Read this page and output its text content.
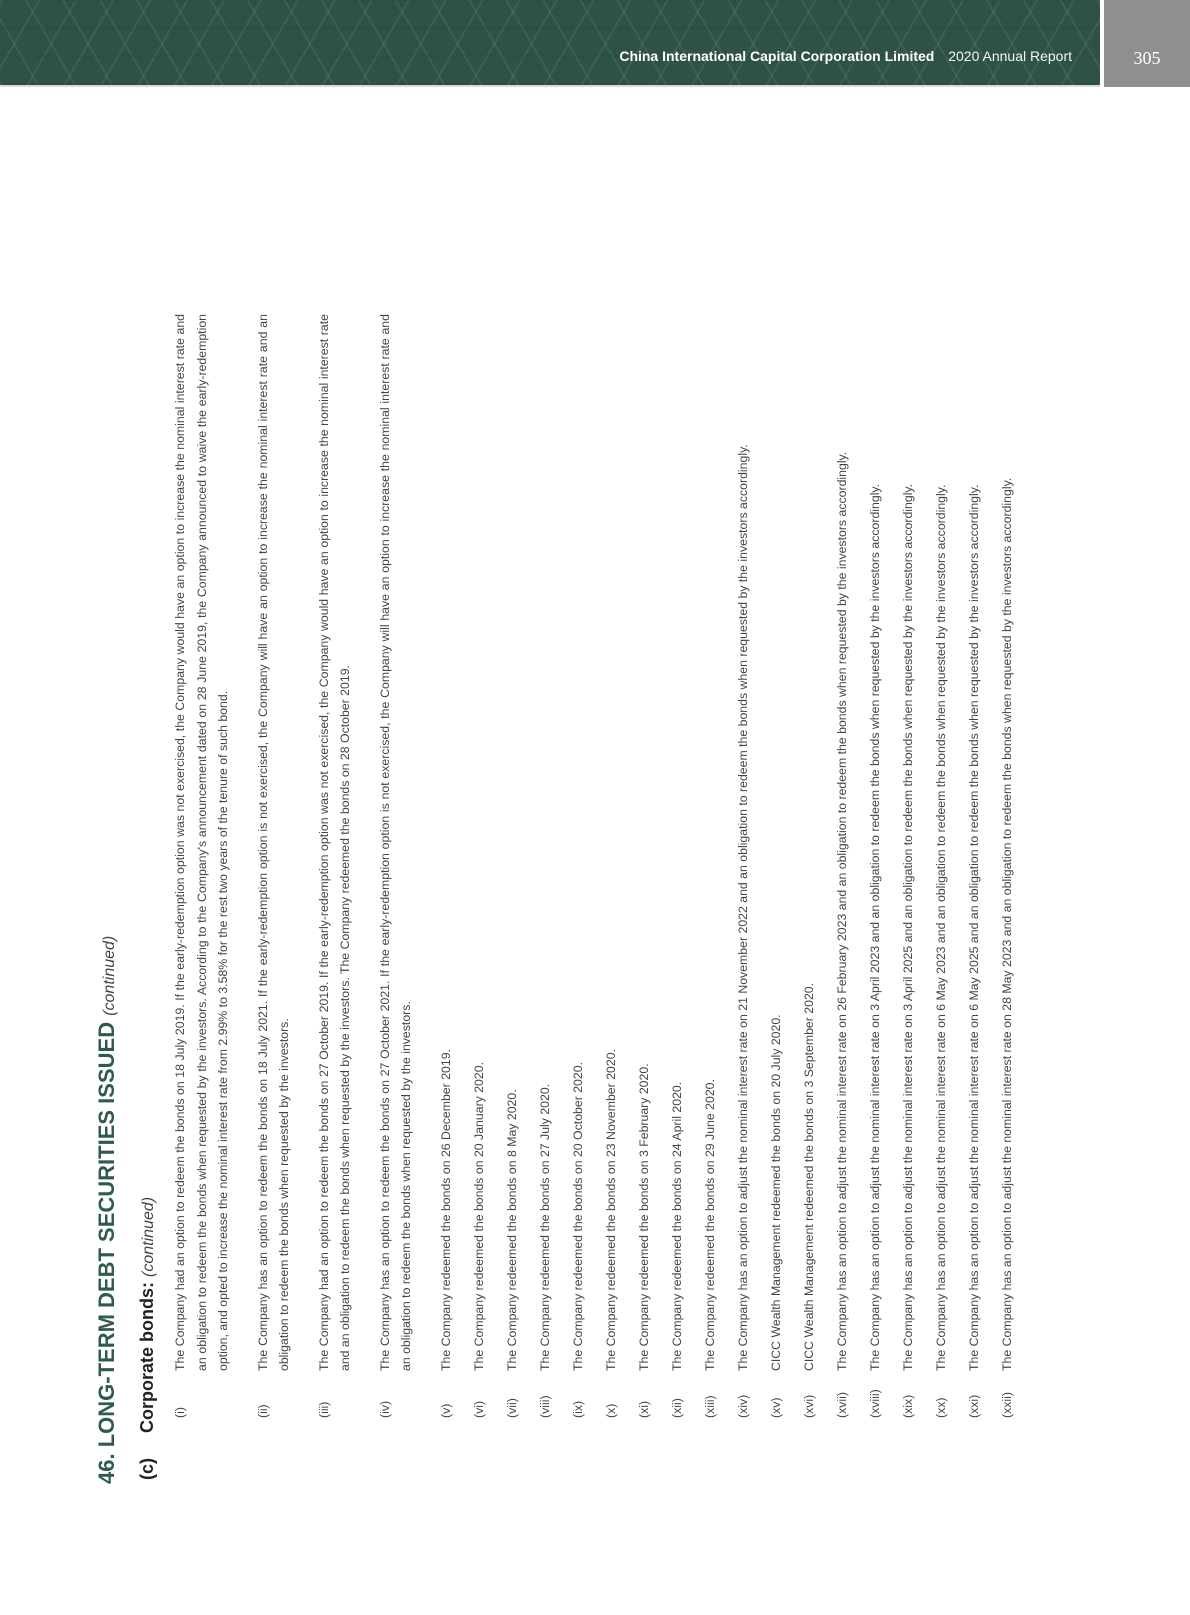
China International Capital Corporation Limited 2020 Annual Report	305
46. LONG-TERM DEBT SECURITIES ISSUED (continued)
(c) Corporate bonds: (continued)
(i)
The Company had an option to redeem the bonds on 18 July 2019. If the early-redemption option was not exercised, the Company would have an option to increase the nominal interest rate and an obligation to redeem the bonds when requested by the investors. According to the Company's announcement dated on 28 June 2019, the Company announced to waive the early-redemption option, and opted to increase the nominal interest rate from 2.99% to 3.58% for the rest two years of the tenure of such bond.
(ii)
The Company has an option to redeem the bonds on 18 July 2021. If the early-redemption option is not exercised, the Company will have an option to increase the nominal interest rate and an obligation to redeem the bonds when requested by the investors.
(iii)
The Company had an option to redeem the bonds on 27 October 2019. If the early-redemption option was not exercised, the Company would have an option to increase the nominal interest rate and an obligation to redeem the bonds when requested by the investors. The Company redeemed the bonds on 28 October 2019.
(iv)
The Company has an option to redeem the bonds on 27 October 2021. If the early-redemption option is not exercised, the Company will have an option to increase the nominal interest rate and an obligation to redeem the bonds when requested by the investors.
(v)
The Company redeemed the bonds on 26 December 2019.
(vi)
The Company redeemed the bonds on 20 January 2020.
(vii)
The Company redeemed the bonds on 8 May 2020.
(viii)
The Company redeemed the bonds on 27 July 2020.
(ix)
The Company redeemed the bonds on 20 October 2020.
(x)
The Company redeemed the bonds on 23 November 2020.
(xi)
The Company redeemed the bonds on 3 February 2020.
(xii)
The Company redeemed the bonds on 24 April 2020.
(xiii)
The Company redeemed the bonds on 29 June 2020.
(xiv)
The Company has an option to adjust the nominal interest rate on 21 November 2022 and an obligation to redeem the bonds when requested by the investors accordingly.
(xv)
CICC Wealth Management redeemed the bonds on 20 July 2020.
(xvi)
CICC Wealth Management redeemed the bonds on 3 September 2020.
(xvii)
The Company has an option to adjust the nominal interest rate on 26 February 2023 and an obligation to redeem the bonds when requested by the investors accordingly.
(xviii)
The Company has an option to adjust the nominal interest rate on 3 April 2023 and an obligation to redeem the bonds when requested by the investors accordingly.
(xix)
The Company has an option to adjust the nominal interest rate on 3 April 2025 and an obligation to redeem the bonds when requested by the investors accordingly.
(xx)
The Company has an option to adjust the nominal interest rate on 6 May 2023 and an obligation to redeem the bonds when requested by the investors accordingly.
(xxi)
The Company has an option to adjust the nominal interest rate on 6 May 2025 and an obligation to redeem the bonds when requested by the investors accordingly.
(xxii)
The Company has an option to adjust the nominal interest rate on 28 May 2023 and an obligation to redeem the bonds when requested by the investors accordingly.
